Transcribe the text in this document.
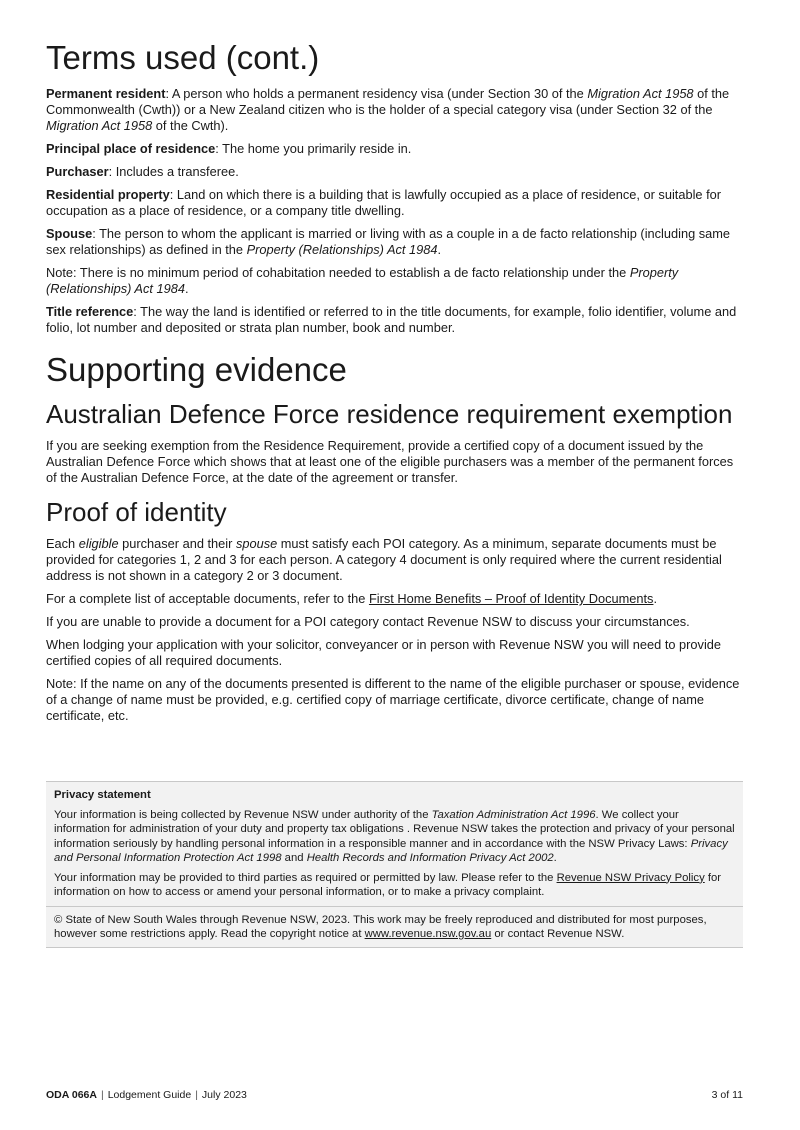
Terms used (cont.)

Permanent resident: A person who holds a permanent residency visa (under Section 30 of the Migration Act 1958 of the Commonwealth (Cwth)) or a New Zealand citizen who is the holder of a special category visa (under Section 32 of the Migration Act 1958 of the Cwth).

Principal place of residence: The home you primarily reside in.

Purchaser: Includes a transferee.

Residential property: Land on which there is a building that is lawfully occupied as a place of residence, or suitable for occupation as a place of residence, or a company title dwelling.

Spouse: The person to whom the applicant is married or living with as a couple in a de facto relationship (including same sex relationships) as defined in the Property (Relationships) Act 1984.

Note: There is no minimum period of cohabitation needed to establish a de facto relationship under the Property (Relationships) Act 1984.

Title reference: The way the land is identified or referred to in the title documents, for example, folio identifier, volume and folio, lot number and deposited or strata plan number, book and number.

Supporting evidence
Australian Defence Force residence requirement exemption

If you are seeking exemption from the Residence Requirement, provide a certified copy of a document issued by the Australian Defence Force which shows that at least one of the eligible purchasers was a member of the permanent forces of the Australian Defence Force, at the date of the agreement or transfer.

Proof of identity

Each eligible purchaser and their spouse must satisfy each POI category. As a minimum, separate documents must be provided for categories 1, 2 and 3 for each person. A category 4 document is only required where the current residential address is not shown in a category 2 or 3 document.

For a complete list of acceptable documents, refer to the First Home Benefits – Proof of Identity Documents.

If you are unable to provide a document for a POI category contact Revenue NSW to discuss your circumstances.

When lodging your application with your solicitor, conveyancer or in person with Revenue NSW you will need to provide certified copies of all required documents.

Note: If the name on any of the documents presented is different to the name of the eligible purchaser or spouse, evidence of a change of name must be provided, e.g. certified copy of marriage certificate, divorce certificate, change of name certificate, etc.

Privacy statement

Your information is being collected by Revenue NSW under authority of the Taxation Administration Act 1996. We collect your information for administration of your duty and property tax obligations . Revenue NSW takes the protection and privacy of your personal information seriously by handling personal information in a responsible manner and in accordance with the NSW Privacy Laws: Privacy and Personal Information Protection Act 1998 and Health Records and Information Privacy Act 2002.

Your information may be provided to third parties as required or permitted by law. Please refer to the Revenue NSW Privacy Policy for information on how to access or amend your personal information, or to make a privacy complaint.

© State of New South Wales through Revenue NSW, 2023. This work may be freely reproduced and distributed for most purposes, however some restrictions apply. Read the copyright notice at www.revenue.nsw.gov.au or contact Revenue NSW.

ODA 066A | Lodgement Guide | July 2023	3 of 11
